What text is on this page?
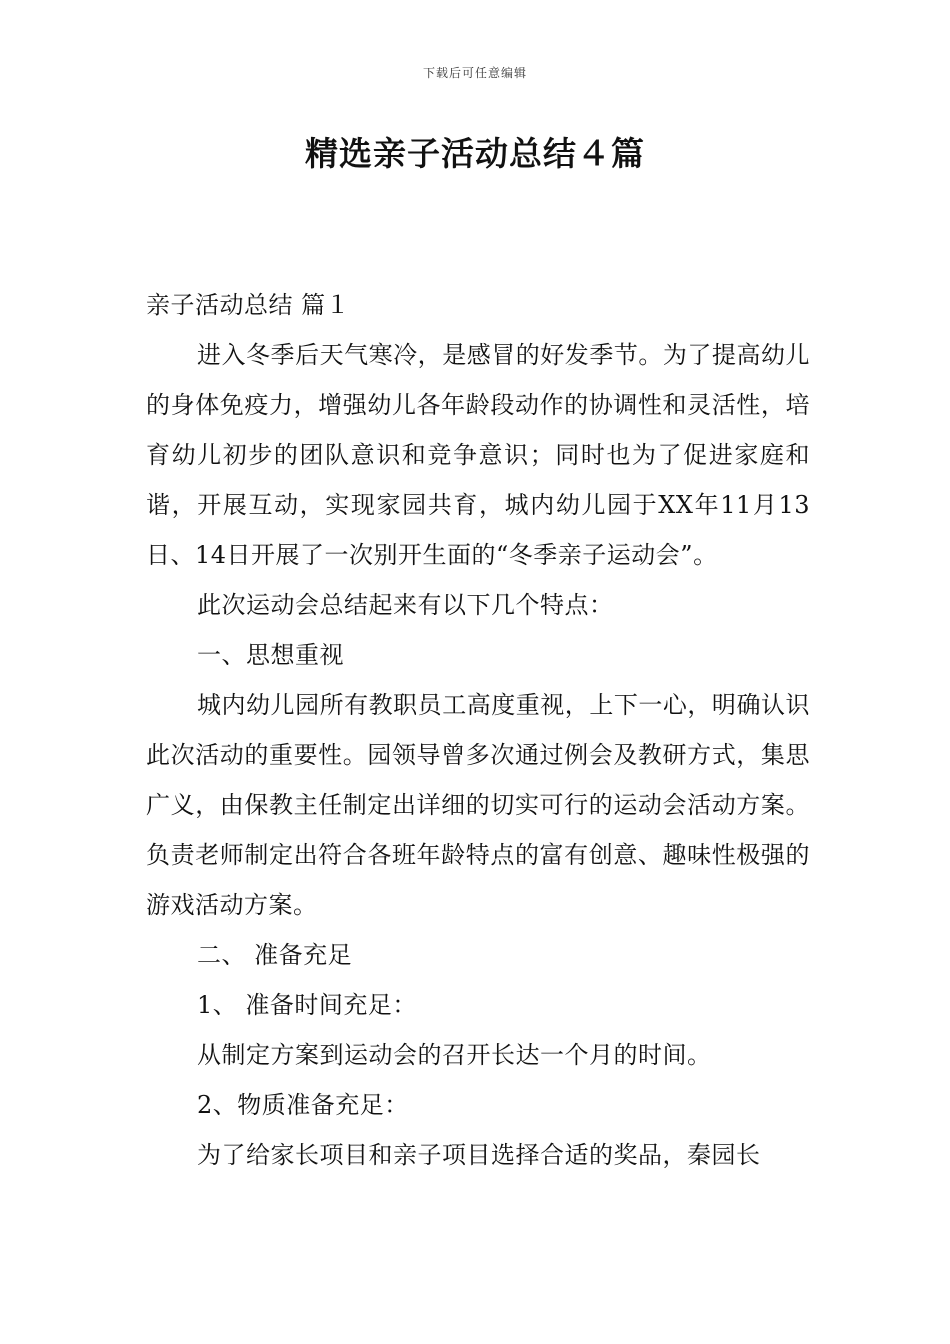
下载后可任意编辑
精选亲子活动总结４篇

亲子活动总结 篇１

进入冬季后天气寒冷，是感冒的好发季节。为了提高幼儿的身体免疫力，增强幼儿各年龄段动作的协调性和灵活性，培育幼儿初步的团队意识和竞争意识；同时也为了促进家庭和谐，开展互动，实现家园共育，城内幼儿园于XX年11月13日、14日开展了一次别开生面的“冬季亲子运动会”。

此次运动会总结起来有以下几个特点：

一、思想重视

城内幼儿园所有教职员工高度重视，上下一心，明确认识此次活动的重要性。园领导曾多次通过例会及教研方式，集思广义，由保教主任制定出详细的切实可行的运动会活动方案。负责老师制定出符合各班年龄特点的富有创意、趣味性极强的游戏活动方案。

二、 准备充足

1、 准备时间充足：

从制定方案到运动会的召开长达一个月的时间。

2、物质准备充足：

为了给家长项目和亲子项目选择合适的奖品，秦园长
